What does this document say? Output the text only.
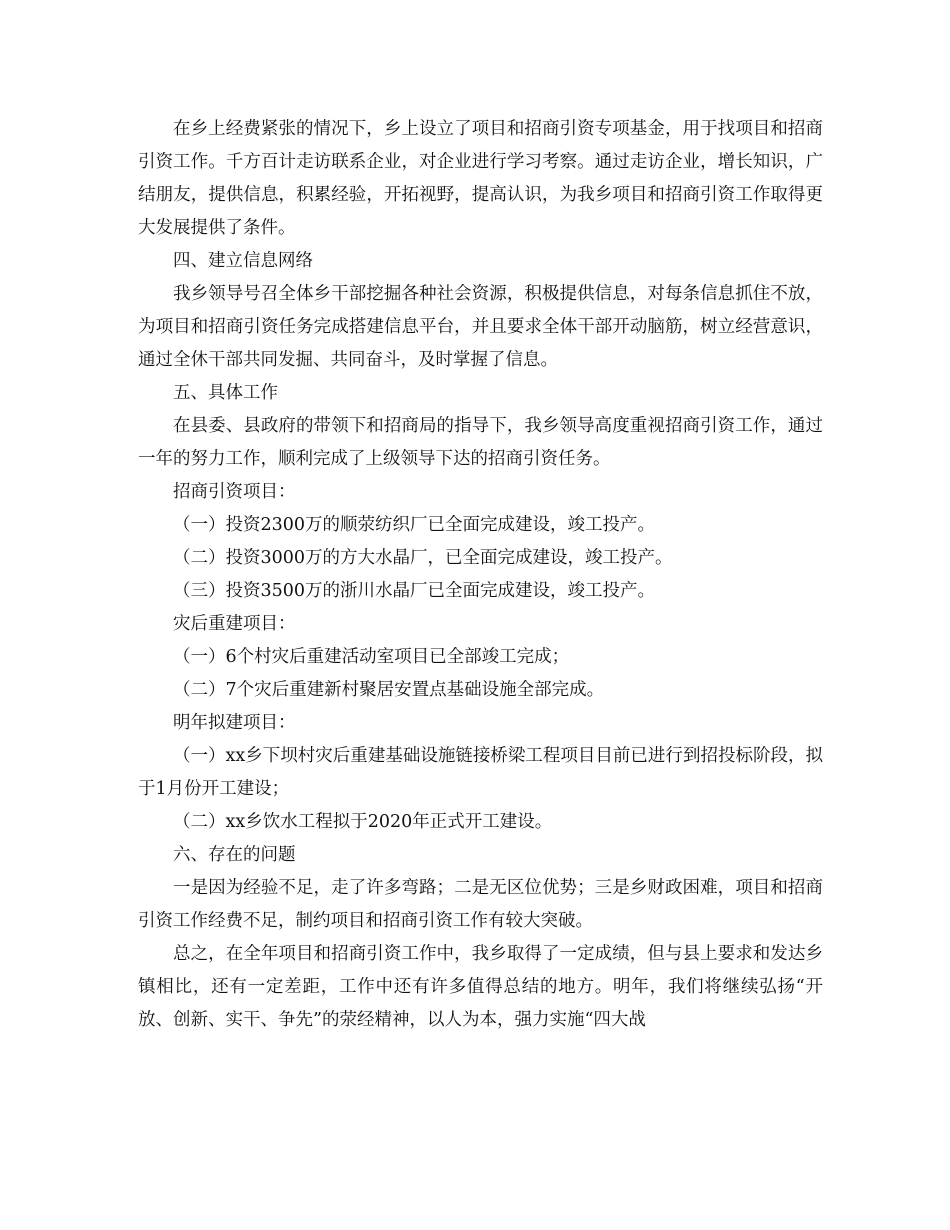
在乡上经费紧张的情况下，乡上设立了项目和招商引资专项基金，用于找项目和招商引资工作。千方百计走访联系企业，对企业进行学习考察。通过走访企业，增长知识，广结朋友，提供信息，积累经验，开拓视野，提高认识，为我乡项目和招商引资工作取得更大发展提供了条件。

四、建立信息网络

我乡领导号召全体乡干部挖掘各种社会资源，积极提供信息，对每条信息抓住不放，为项目和招商引资任务完成搭建信息平台，并且要求全体干部开动脑筋，树立经营意识，通过全休干部共同发掘、共同奋斗，及时掌握了信息。

五、具体工作

在县委、县政府的带领下和招商局的指导下，我乡领导高度重视招商引资工作，通过一年的努力工作，顺利完成了上级领导下达的招商引资任务。

招商引资项目：

（一）投资2300万的顺荥纺织厂已全面完成建设，竣工投产。

（二）投资3000万的方大水晶厂，已全面完成建设，竣工投产。

（三）投资3500万的浙川水晶厂已全面完成建设，竣工投产。

灾后重建项目：

（一）6个村灾后重建活动室项目已全部竣工完成；

（二）7个灾后重建新村聚居安置点基础设施全部完成。

明年拟建项目：

（一）xx乡下坝村灾后重建基础设施链接桥梁工程项目目前已进行到招投标阶段，拟于1月份开工建设；

（二）xx乡饮水工程拟于2020年正式开工建设。

六、存在的问题

一是因为经验不足，走了许多弯路；二是无区位优势；三是乡财政困难，项目和招商引资工作经费不足，制约项目和招商引资工作有较大突破。

总之，在全年项目和招商引资工作中，我乡取得了一定成绩，但与县上要求和发达乡镇相比，还有一定差距，工作中还有许多值得总结的地方。明年，我们将继续弘扬“开放、创新、实干、争先”的荥经精神，以人为本，强力实施“四大战
